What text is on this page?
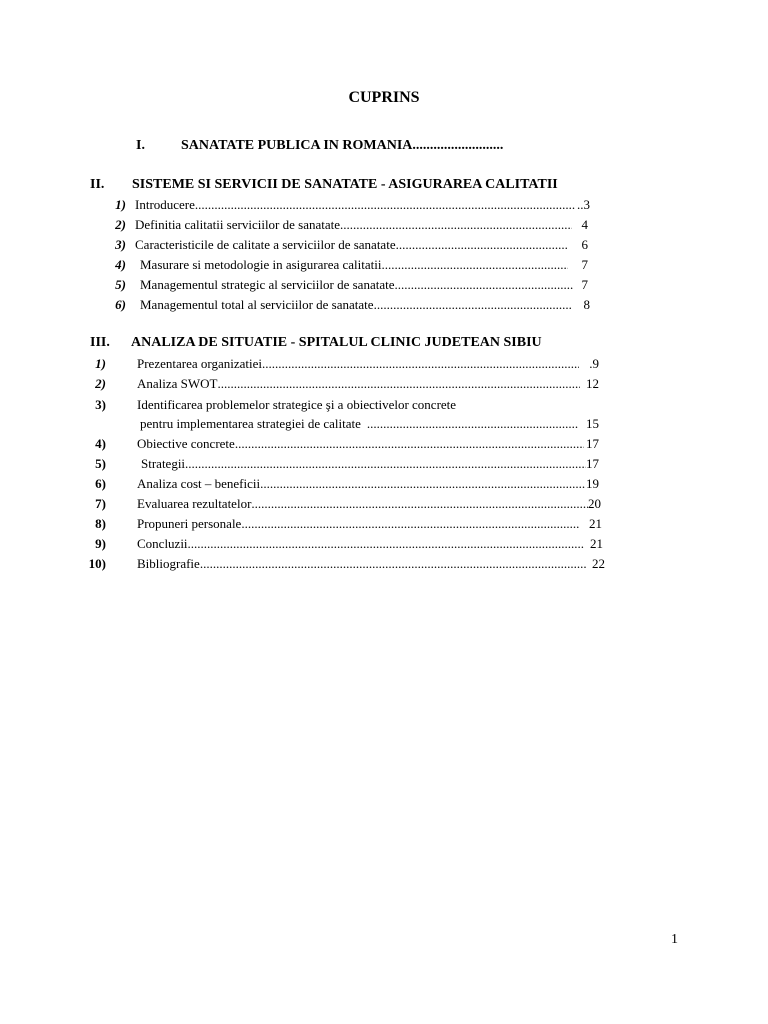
CUPRINS
I.	SANATATE PUBLICA IN ROMANIA..........................
II. SISTEME SI SERVICII DE SANATATE - ASIGURAREA CALITATII
1) Introducere .....	..3
2) Definitia calitatii serviciilor de sanatate .....	4
3) Caracteristicile de calitate a serviciilor de sanatate .....	6
4) Masurare si metodologie in asigurarea calitatii .....	7
5) Managementul strategic al serviciilor de sanatate .....	7
6) Managementul total al serviciilor de sanatate .....	8
III. ANALIZA DE SITUATIE - SPITALUL CLINIC JUDETEAN SIBIU
1) Prezentarea organizatiei .....	.9
2) Analiza SWOT .....	12
3) Identificarea problemelor strategice şi a obiectivelor concrete
pentru implementarea strategiei de calitate .....	15
4) Obiective concrete .....	17
5)	Strategii .....	17
6) Analiza cost – beneficii .....	19
7) Evaluarea rezultatelor .....	20
8) Propuneri personale .....	21
9) Concluzii .....	21
10) Bibliografie .....	22
1
